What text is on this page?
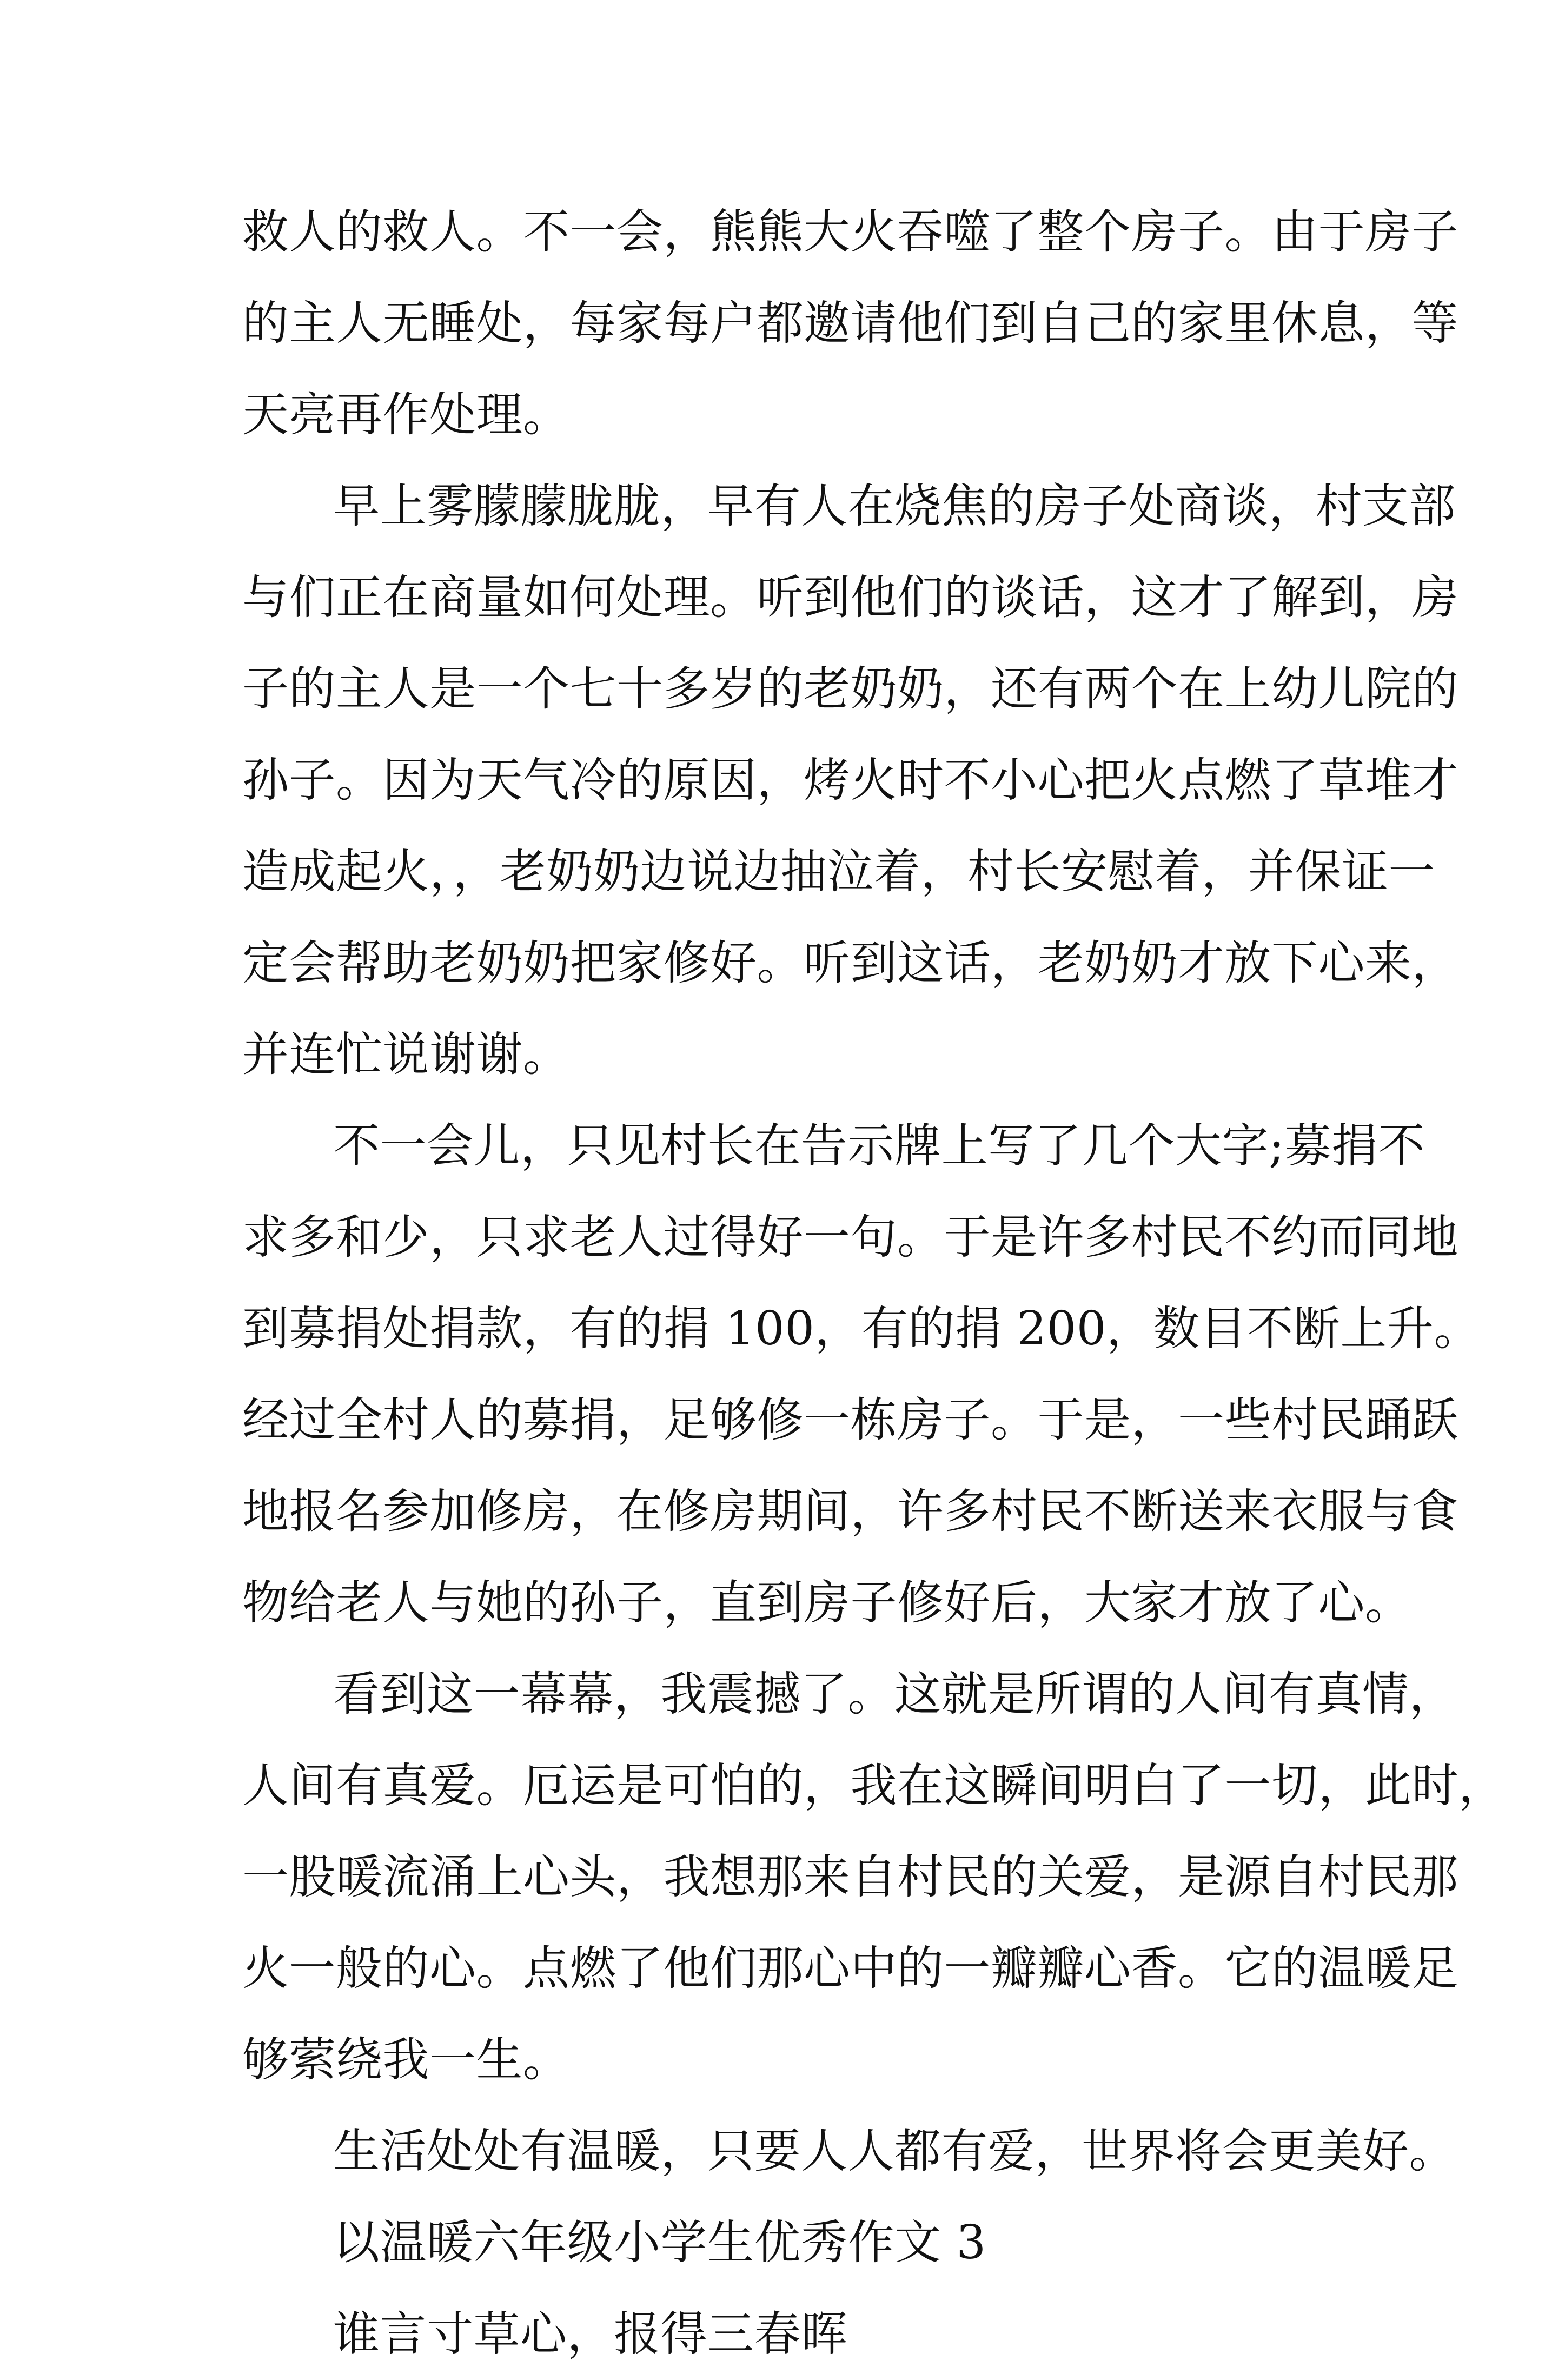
救人的救人。不一会，熊熊大火吞噬了整个房子。由于房子
的主人无睡处，每家每户都邀请他们到自己的家里休息，等
天亮再作处理。
早上雾朦朦胧胧，早有人在烧焦的房子处商谈，村支部
与们正在商量如何处理。听到他们的谈话，这才了解到，房
子的主人是一个七十多岁的老奶奶，还有两个在上幼儿院的
孙子。因为天气冷的原因，烤火时不小心把火点燃了草堆才
造成起火，，老奶奶边说边抽泣着，村长安慰着，并保证一
定会帮助老奶奶把家修好。听到这话，老奶奶才放下心来，
并连忙说谢谢。
不一会儿，只见村长在告示牌上写了几个大字;募捐不
求多和少，只求老人过得好一句。于是许多村民不约而同地
到募捐处捐款，有的捐 100，有的捐 200，数目不断上升。
经过全村人的募捐，足够修一栋房子。于是，一些村民踊跃
地报名参加修房，在修房期间，许多村民不断送来衣服与食
物给老人与她的孙子，直到房子修好后，大家才放了心。
看到这一幕幕，我震撼了。这就是所谓的人间有真情，
人间有真爱。厄运是可怕的，我在这瞬间明白了一切，此时，
一股暖流涌上心头，我想那来自村民的关爱，是源自村民那
火一般的心。点燃了他们那心中的一瓣瓣心香。它的温暖足
够萦绕我一生。
生活处处有温暖，只要人人都有爱，世界将会更美好。
以温暖六年级小学生优秀作文 3
谁言寸草心，报得三春晖
